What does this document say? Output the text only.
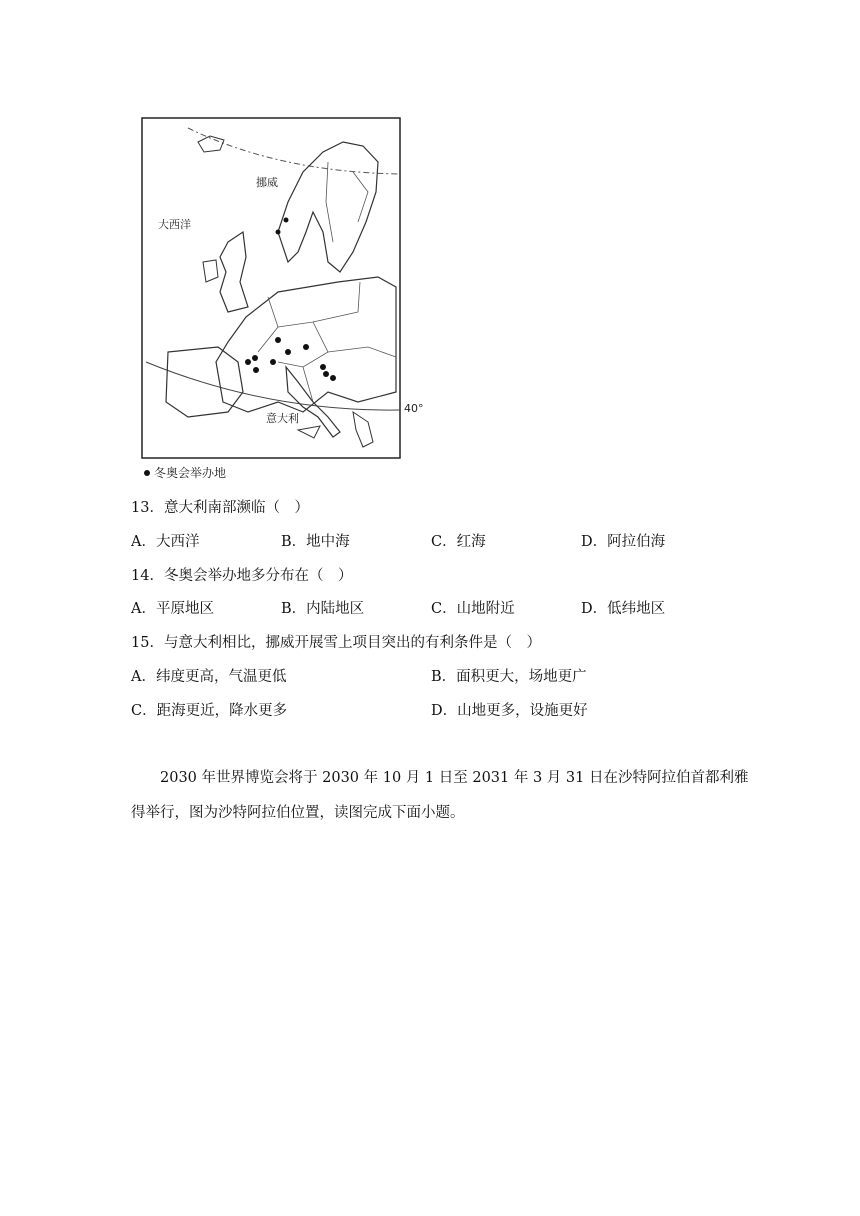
大西洋
挪威
意大利
40°
冬奥会举办地
13．意大利南部濒临（　）
A．大西洋	B．地中海	C．红海	D．阿拉伯海
14．冬奥会举办地多分布在（　）
A．平原地区	B．内陆地区	C．山地附近	D．低纬地区
15．与意大利相比，挪威开展雪上项目突出的有利条件是（　）
A．纬度更高，气温更低	B．面积更大，场地更广
C．距海更近，降水更多	D．山地更多，设施更好
2030 年世界博览会将于 2030 年 10 月 1 日至 2031 年 3 月 31 日在沙特阿拉伯首都利雅
得举行，图为沙特阿拉伯位置，读图完成下面小题。
